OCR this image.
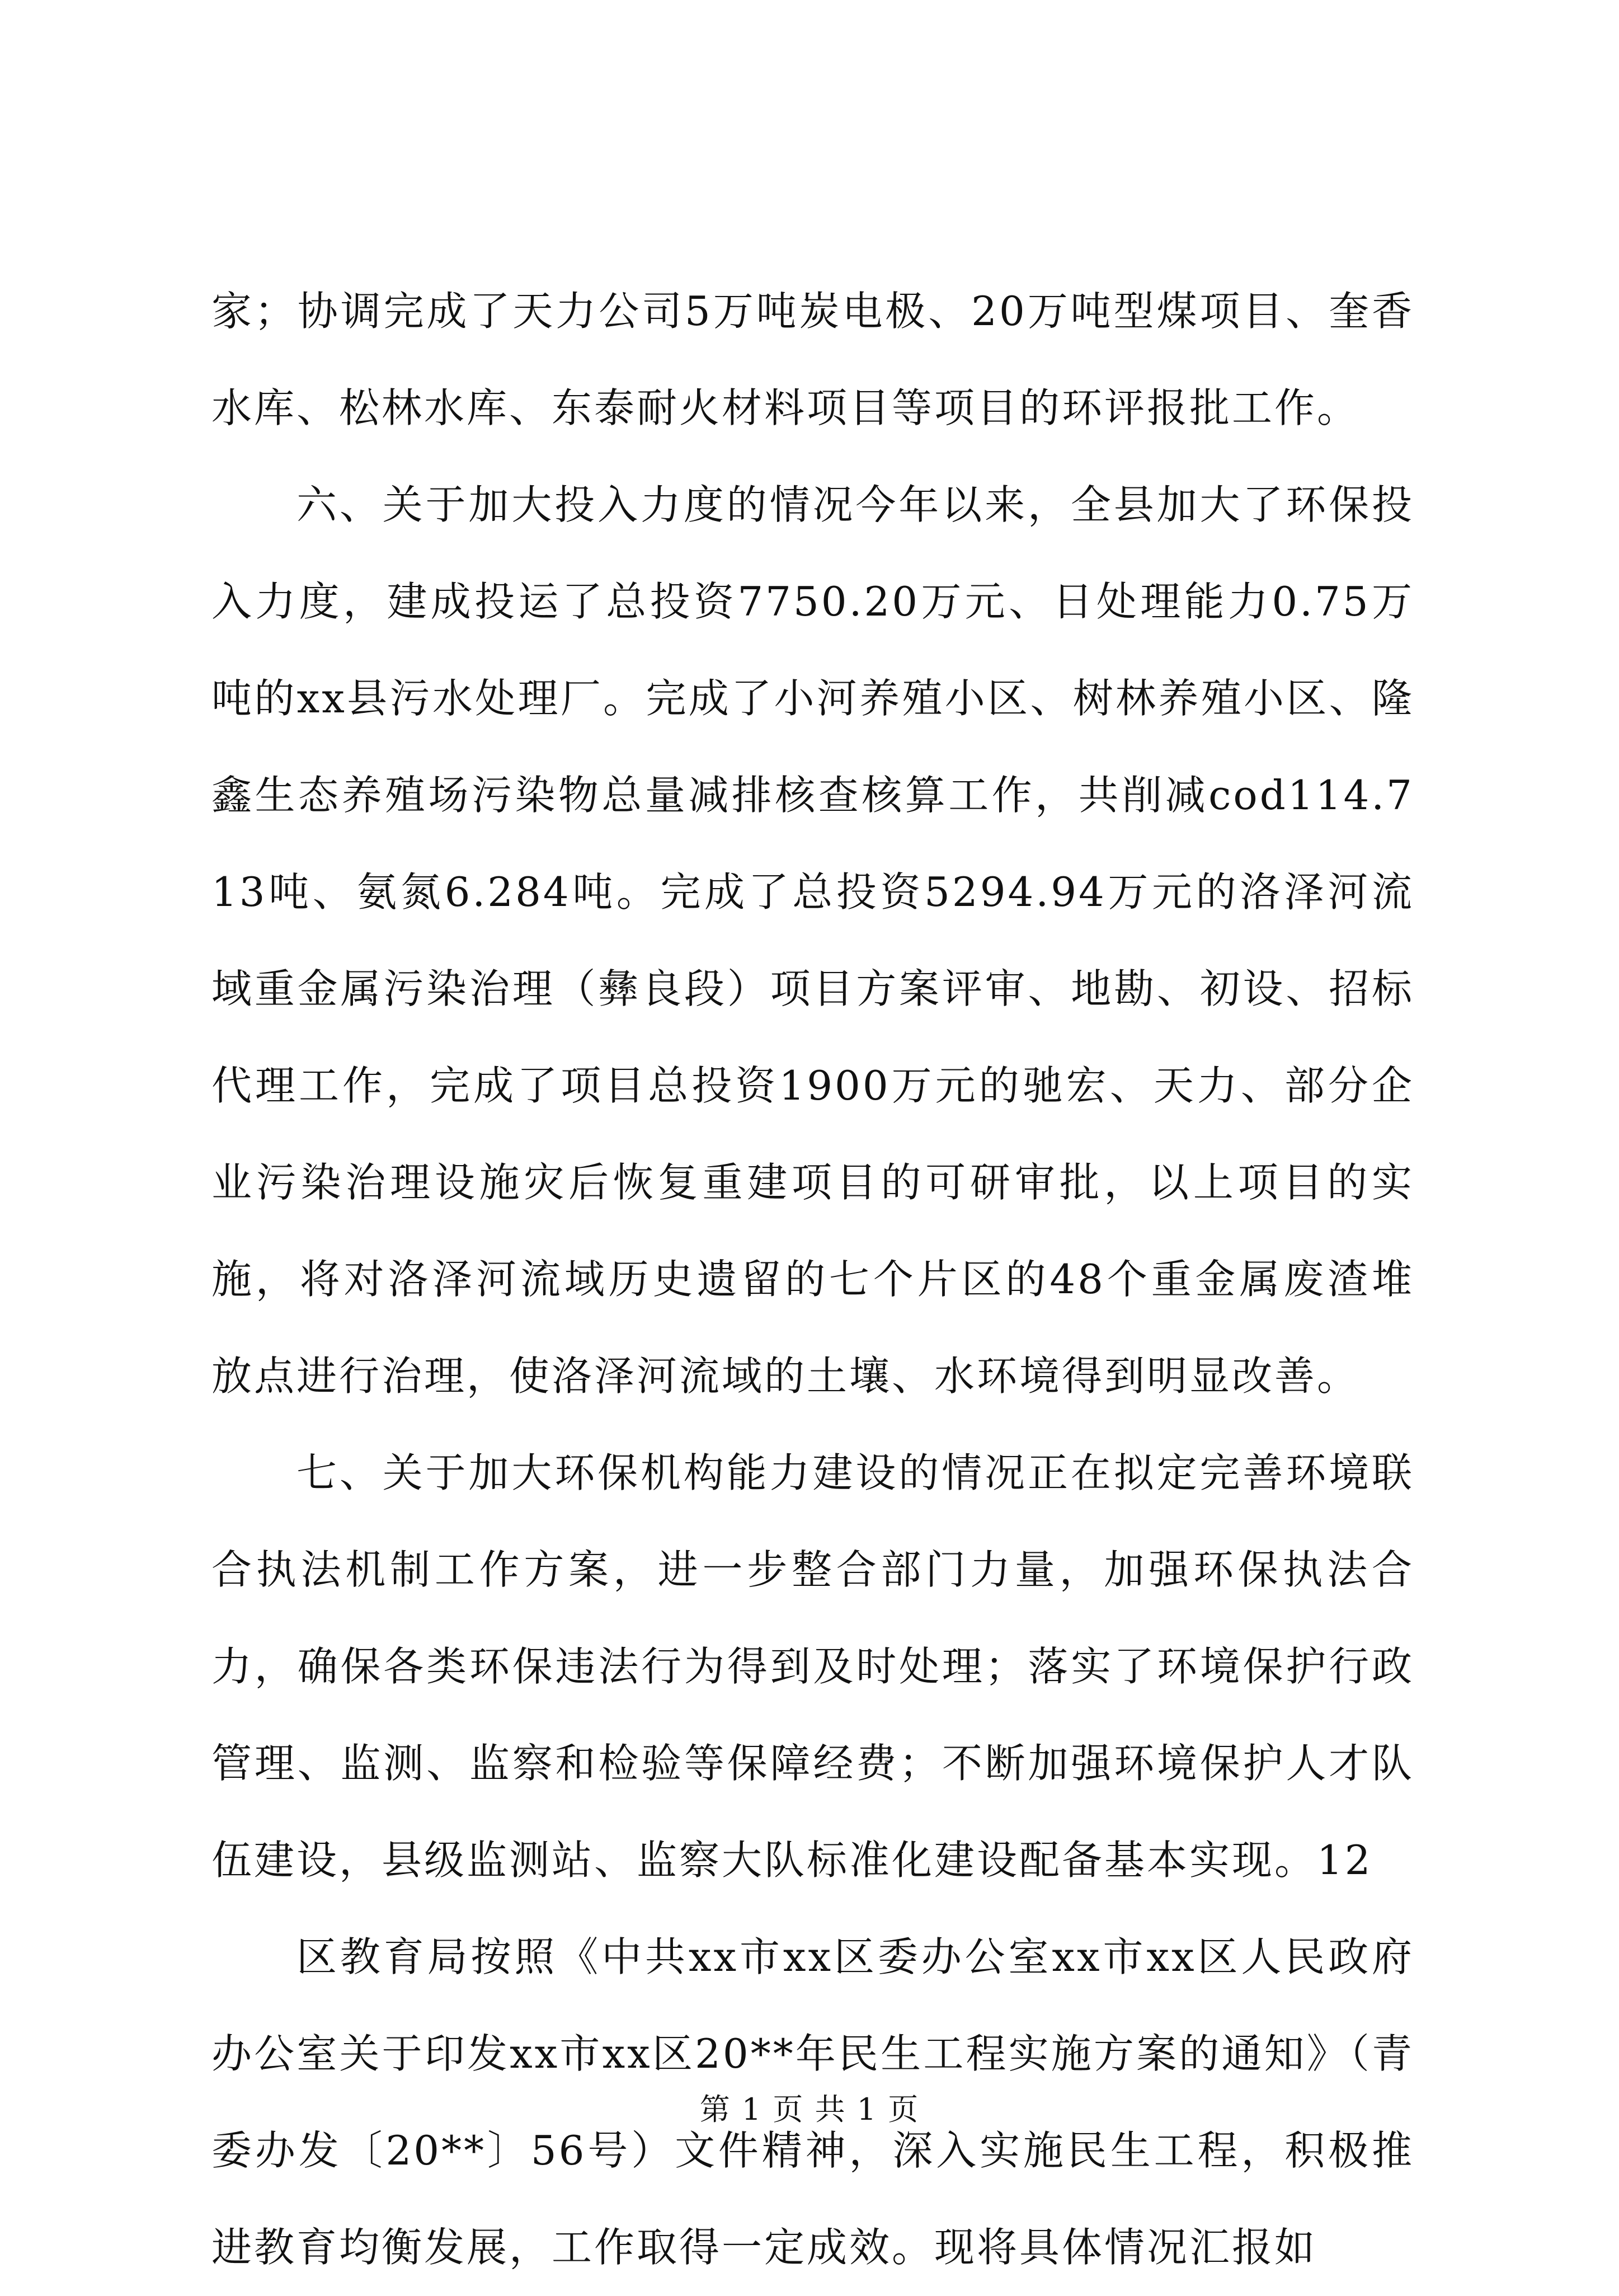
家；协调完成了天力公司5万吨炭电极、20万吨型煤项目、奎香水库、松林水库、东泰耐火材料项目等项目的环评报批工作。

六、关于加大投入力度的情况今年以来，全县加大了环保投入力度，建成投运了总投资7750.20万元、日处理能力0.75万吨的xx县污水处理厂。完成了小河养殖小区、树林养殖小区、隆鑫生态养殖场污染物总量减排核查核算工作，共削减cod114.713吨、氨氮6.284吨。完成了总投资5294.94万元的洛泽河流域重金属污染治理（彝良段）项目方案评审、地勘、初设、招标代理工作，完成了项目总投资1900万元的驰宏、天力、部分企业污染治理设施灾后恢复重建项目的可研审批，以上项目的实施，将对洛泽河流域历史遗留的七个片区的48个重金属废渣堆放点进行治理，使洛泽河流域的土壤、水环境得到明显改善。

七、关于加大环保机构能力建设的情况正在拟定完善环境联合执法机制工作方案，进一步整合部门力量，加强环保执法合力，确保各类环保违法行为得到及时处理；落实了环境保护行政管理、监测、监察和检验等保障经费；不断加强环境保护人才队伍建设，县级监测站、监察大队标准化建设配备基本实现。12

区教育局按照《中共xx市xx区委办公室xx市xx区人民政府办公室关于印发xx市xx区20**年民生工程实施方案的通知》（青委办发〔20**〕56号）文件精神，深入实施民生工程，积极推进教育均衡发展，工作取得一定成效。现将具体情况汇报如

第 1 页 共 1 页
